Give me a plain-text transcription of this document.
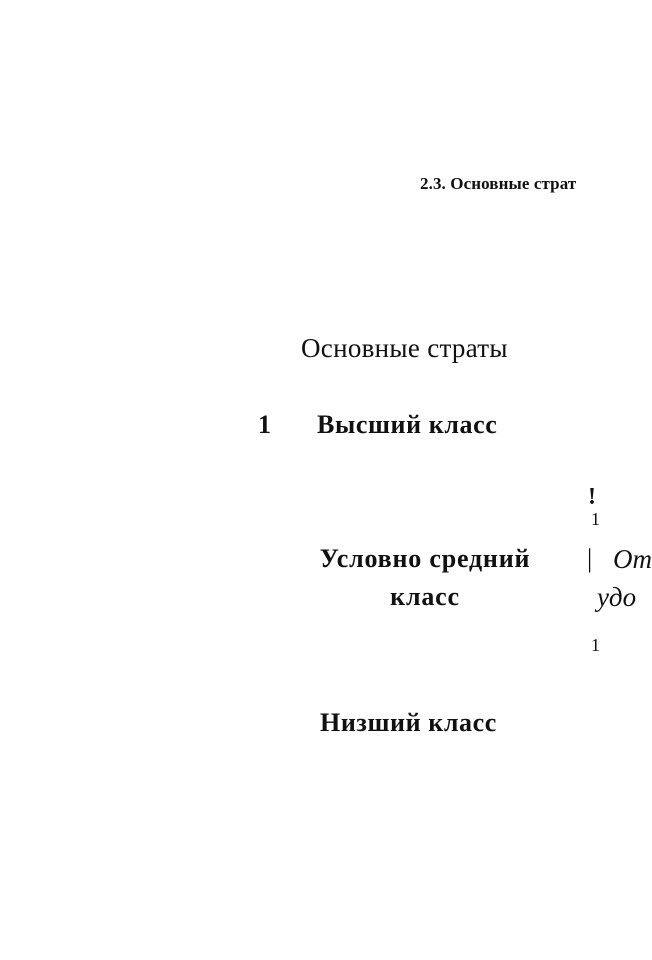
2.3. Основные страт
Основные страты
1 Высший класс
Условно средний класс
Низший класс
!
1
| От
удо
1
